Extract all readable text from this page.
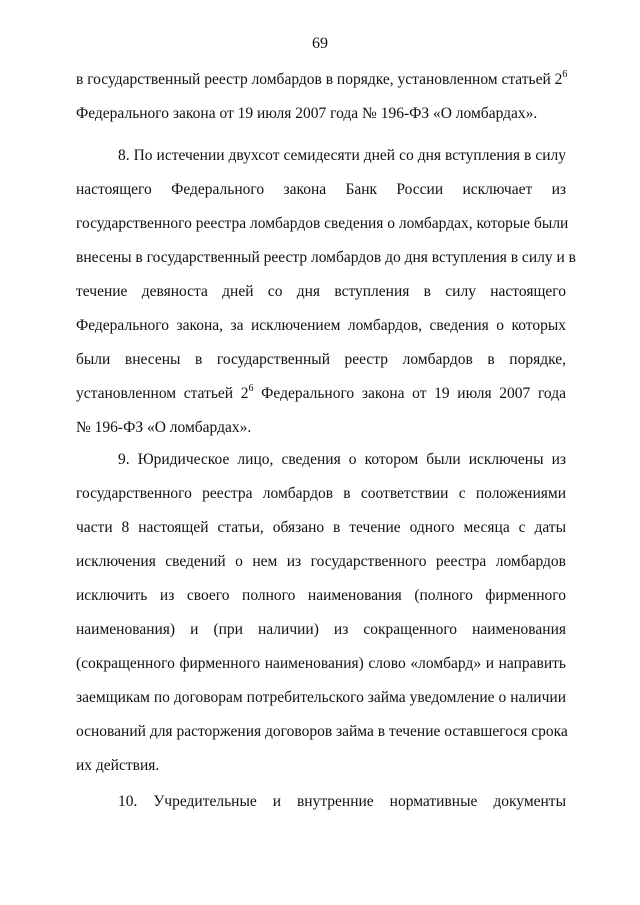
69
в государственный реестр ломбардов в порядке, установленном статьей $2^6$
Федерального закона от 19 июля 2007 года № 196-ФЗ «О ломбардах».
8. По истечении двухсот семидесяти дней со дня вступления в силу
настоящего Федерального закона Банк России исключает из
государственного реестра ломбардов сведения о ломбардах, которые были
внесены в государственный реестр ломбардов до дня вступления в силу и в
течение девяноста дней со дня вступления в силу настоящего
Федерального закона, за исключением ломбардов, сведения о которых
были внесены в государственный реестр ломбардов в порядке,
установленном статьей $2^6$ Федерального закона от 19 июля 2007 года
№ 196-ФЗ «О ломбардах».
9. Юридическое лицо, сведения о котором были исключены из
государственного реестра ломбардов в соответствии с положениями
части 8 настоящей статьи, обязано в течение одного месяца с даты
исключения сведений о нем из государственного реестра ломбардов
исключить из своего полного наименования (полного фирменного
наименования) и (при наличии) из сокращенного наименования
(сокращенного фирменного наименования) слово «ломбард» и направить
заемщикам по договорам потребительского займа уведомление о наличии
оснований для расторжения договоров займа в течение оставшегося срока
их действия.
10. Учредительные и внутренние нормативные документы
